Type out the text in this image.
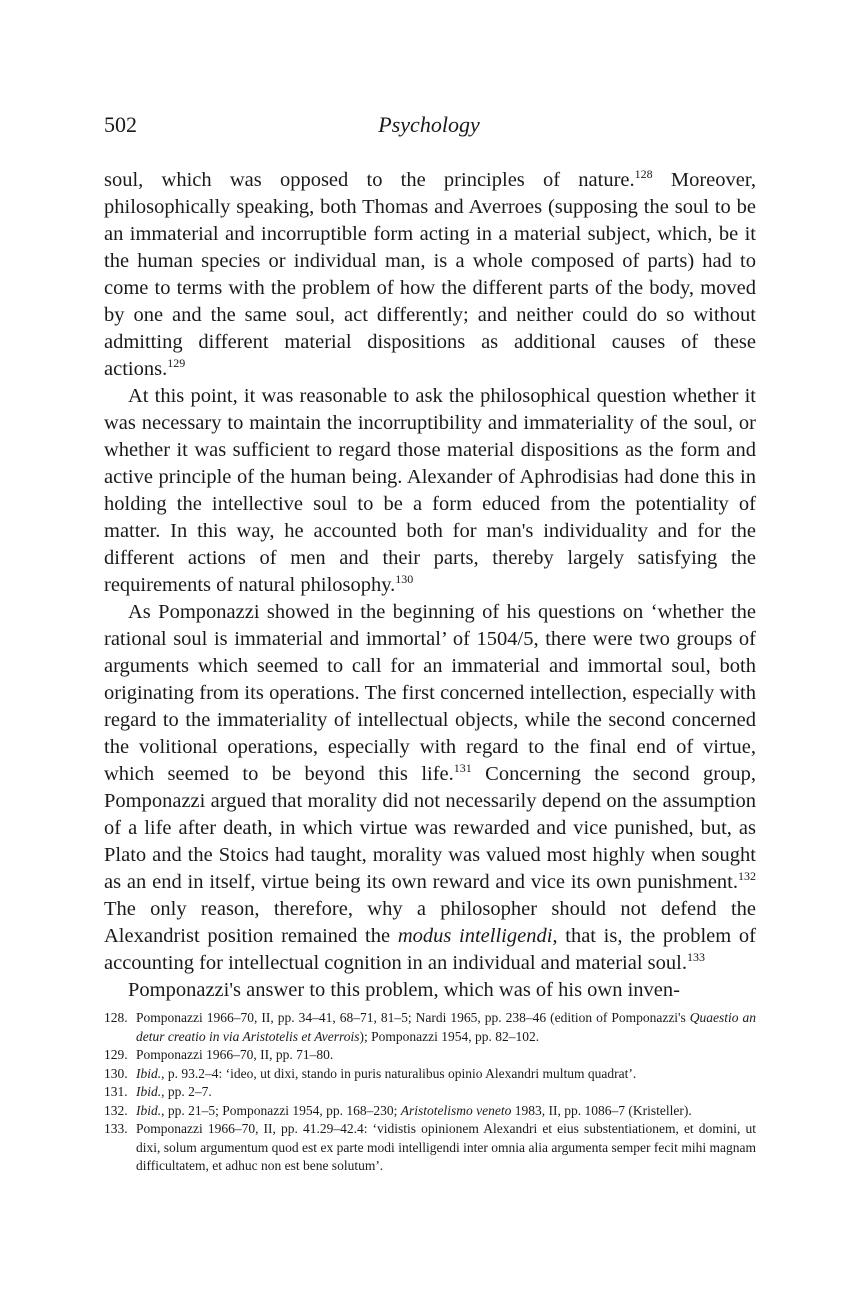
502	Psychology

soul, which was opposed to the principles of nature.$^{128}$ Moreover, philosophically speaking, both Thomas and Averroes (supposing the soul to be an immaterial and incorruptible form acting in a material subject, which, be it the human species or individual man, is a whole composed of parts) had to come to terms with the problem of how the different parts of the body, moved by one and the same soul, act differently; and neither could do so without admitting different material dispositions as additional causes of these actions.$^{129}$

At this point, it was reasonable to ask the philosophical question whether it was necessary to maintain the incorruptibility and immateriality of the soul, or whether it was sufficient to regard those material dispositions as the form and active principle of the human being. Alexander of Aphrodisias had done this in holding the intellective soul to be a form educed from the potentiality of matter. In this way, he accounted both for man's individuality and for the different actions of men and their parts, thereby largely satisfying the requirements of natural philosophy.$^{130}$

As Pomponazzi showed in the beginning of his questions on ‘whether the rational soul is immaterial and immortal’ of 1504/5, there were two groups of arguments which seemed to call for an immaterial and immortal soul, both originating from its operations. The first concerned intellection, especially with regard to the immateriality of intellectual objects, while the second concerned the volitional operations, especially with regard to the final end of virtue, which seemed to be beyond this life.$^{131}$ Concerning the second group, Pomponazzi argued that morality did not necessarily depend on the assumption of a life after death, in which virtue was rewarded and vice punished, but, as Plato and the Stoics had taught, morality was valued most highly when sought as an end in itself, virtue being its own reward and vice its own punishment.$^{132}$ The only reason, therefore, why a philosopher should not defend the Alexandrist position remained the modus intelligendi, that is, the problem of accounting for intellectual cognition in an individual and material soul.$^{133}$

Pomponazzi's answer to this problem, which was of his own inven-

128. Pomponazzi 1966–70, II, pp. 34–41, 68–71, 81–5; Nardi 1965, pp. 238–46 (edition of Pomponazzi's Quaestio an detur creatio in via Aristotelis et Averrois); Pomponazzi 1954, pp. 82–102.
129. Pomponazzi 1966–70, II, pp. 71–80.
130. Ibid., p. 93.2–4: ‘ideo, ut dixi, stando in puris naturalibus opinio Alexandri multum quadrat’.
131. Ibid., pp. 2–7.
132. Ibid., pp. 21–5; Pomponazzi 1954, pp. 168–230; Aristotelismo veneto 1983, II, pp. 1086–7 (Kristeller).
133. Pomponazzi 1966–70, II, pp. 41.29–42.4: ‘vidistis opinionem Alexandri et eius substentiationem, et domini, ut dixi, solum argumentum quod est ex parte modi intelligendi inter omnia alia argumenta semper fecit mihi magnam difficultatem, et adhuc non est bene solutum’.
